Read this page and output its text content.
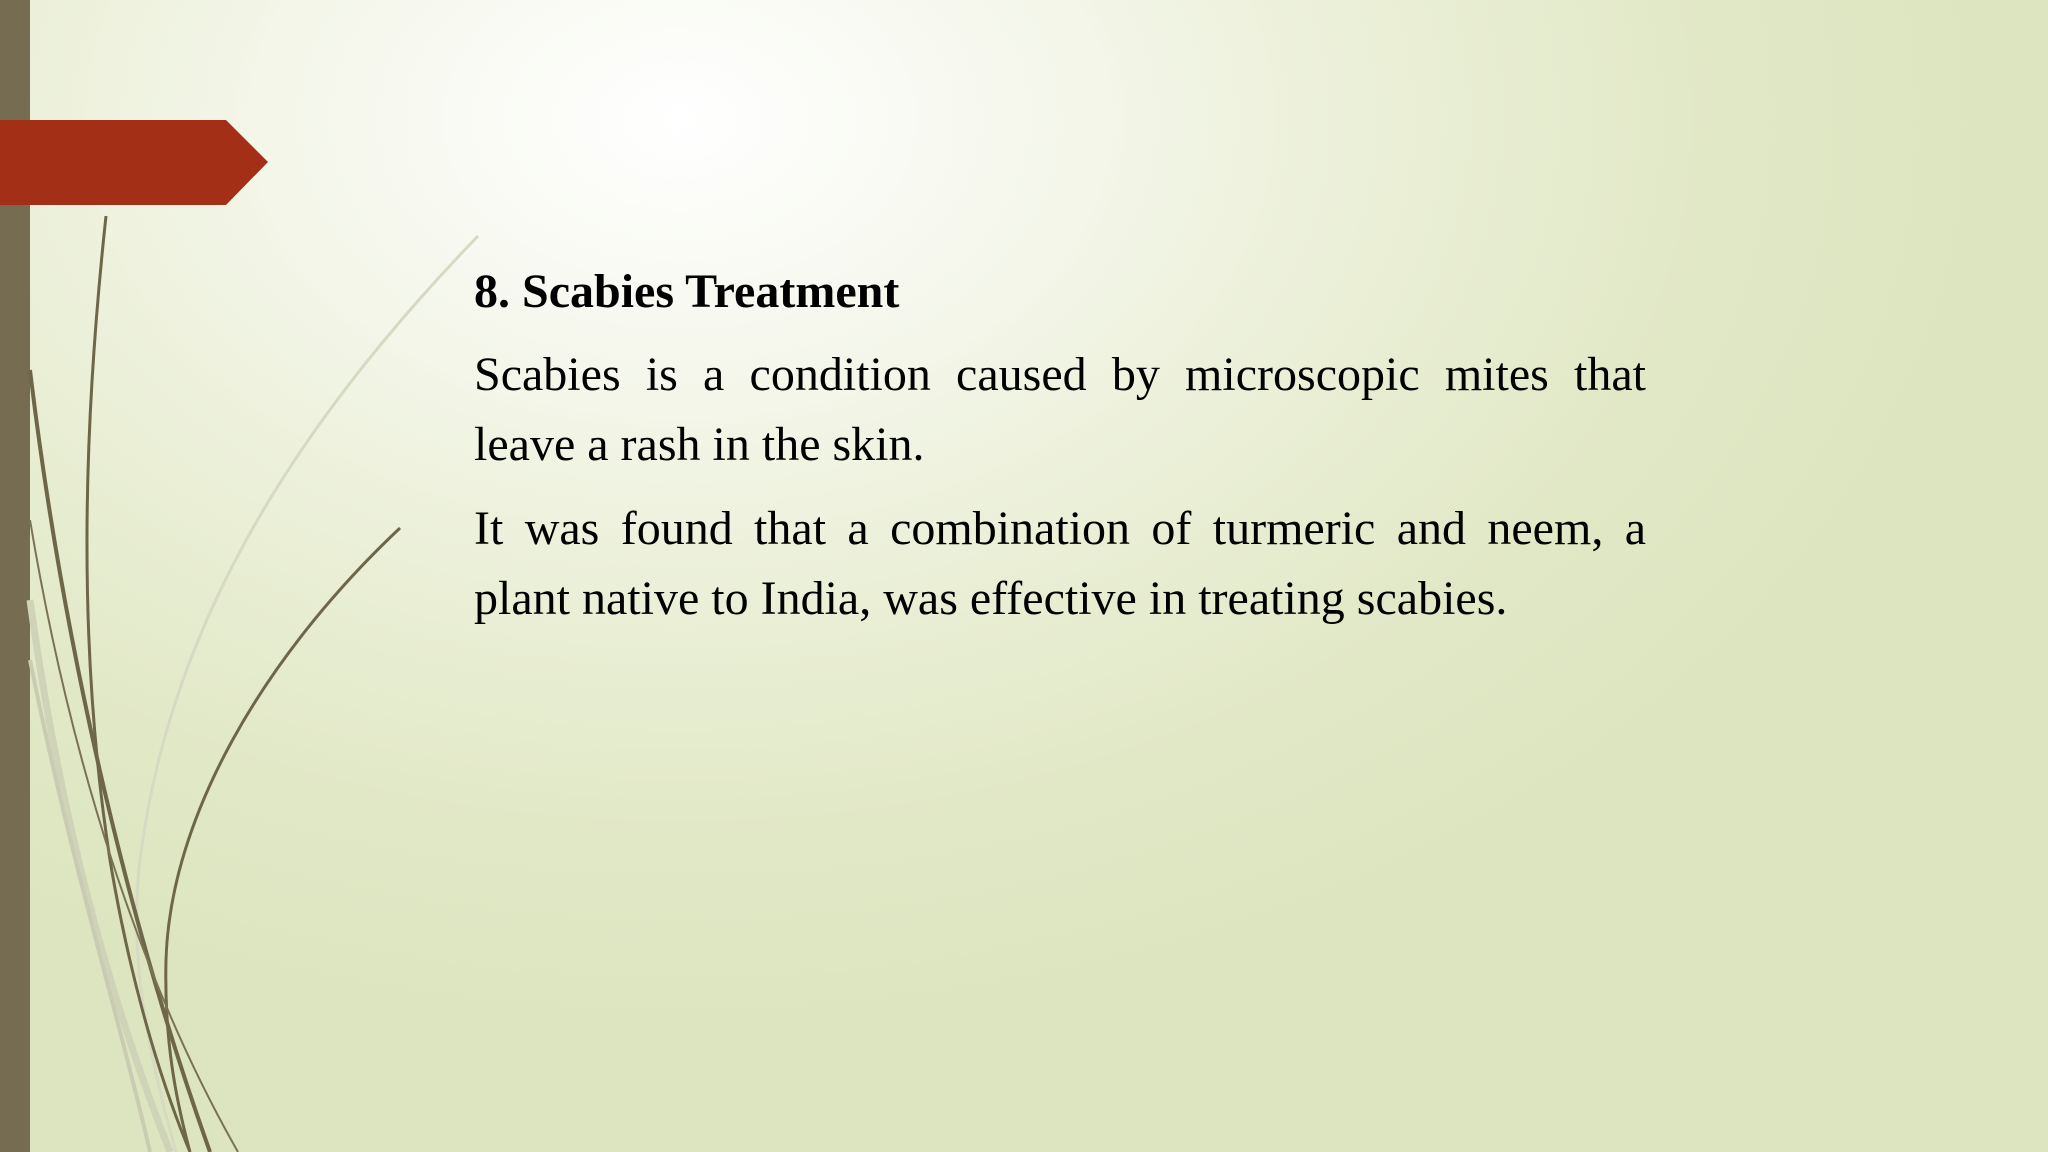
8. Scabies Treatment

Scabies is a condition caused by microscopic mites that leave a rash in the skin.

It was found that a combination of turmeric and neem, a plant native to India, was effective in treating scabies.
